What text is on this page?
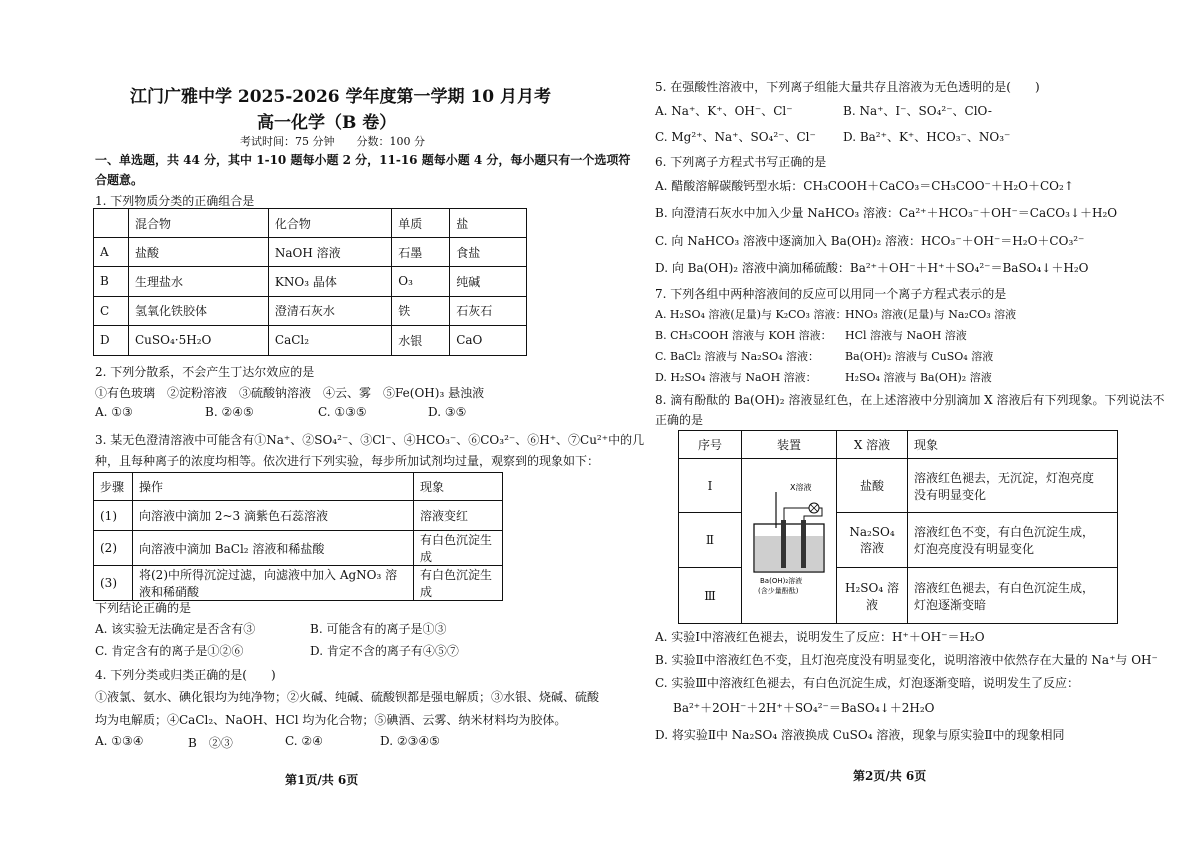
江门广雅中学 2025-2026 学年度第一学期 10 月月考
高一化学（B 卷）
考试时间：75 分钟　　分数：100 分
一、单选题，共 44 分，其中 1-10 题每小题 2 分，11-16 题每小题 4 分，每小题只有一个选项符
合题意。
1. 下列物质分类的正确组合是
	混合物	化合物	单质	盐
A	盐酸	NaOH 溶液	石墨	食盐
B	生理盐水	KNO₃ 晶体	O₃	纯碱
C	氢氧化铁胶体	澄清石灰水	铁	石灰石
D	CuSO₄·5H₂O	CaCl₂	水银	CaO
2. 下列分散系，不会产生丁达尔效应的是
①有色玻璃　②淀粉溶液　③硫酸钠溶液　④云、雾　⑤Fe(OH)₃ 悬浊液
A. ①③	B. ②④⑤	C. ①③⑤	D. ③⑤
3. 某无色澄清溶液中可能含有①Na⁺、②SO₄²⁻、③Cl⁻、④HCO₃⁻、⑥CO₃²⁻、⑥H⁺、⑦Cu²⁺中的几
种，且每种离子的浓度均相等。依次进行下列实验，每步所加试剂均过量，观察到的现象如下：
步骤	操作	现象
(1)	向溶液中滴加 2~3 滴紫色石蕊溶液	溶液变红
(2)	向溶液中滴加 BaCl₂ 溶液和稀盐酸	有白色沉淀生成
(3)	将(2)中所得沉淀过滤，向滤液中加入 AgNO₃ 溶液和稀硝酸	有白色沉淀生成
下列结论正确的是
A. 该实验无法确定是否含有③	B. 可能含有的离子是①③
C. 肯定含有的离子是①②⑥	D. 肯定不含的离子有④⑤⑦
4. 下列分类或归类正确的是(　　)
①液氯、氨水、碘化银均为纯净物；②火碱、纯碱、硫酸钡都是强电解质；③水银、烧碱、硫酸
均为电解质；④CaCl₂、NaOH、HCl 均为化合物；⑤碘酒、云雾、纳米材料均为胶体。
A. ①③④	B　②③	C. ②④	D. ②③④⑤
第1页/共 6页
5. 在强酸性溶液中，下列离子组能大量共存且溶液为无色透明的是(　　)
A. Na⁺、K⁺、OH⁻、Cl⁻	B. Na⁺、I⁻、SO₄²⁻、ClO-
C. Mg²⁺、Na⁺、SO₄²⁻、Cl⁻ D. Ba²⁺、K⁺、HCO₃⁻、NO₃⁻
6. 下列离子方程式书写正确的是
A. 醋酸溶解碳酸钙型水垢：CH₃COOH＋CaCO₃＝CH₃COO⁻＋H₂O＋CO₂↑
B. 向澄清石灰水中加入少量 NaHCO₃ 溶液：Ca²⁺＋HCO₃⁻＋OH⁻＝CaCO₃↓＋H₂O
C. 向 NaHCO₃ 溶液中逐滴加入 Ba(OH)₂ 溶液：HCO₃⁻＋OH⁻＝H₂O＋CO₃²⁻
D. 向 Ba(OH)₂ 溶液中滴加稀硫酸：Ba²⁺＋OH⁻＋H⁺＋SO₄²⁻＝BaSO₄↓＋H₂O
7. 下列各组中两种溶液间的反应可以用同一个离子方程式表示的是
A. H₂SO₄ 溶液(足量)与 K₂CO₃ 溶液：
HNO₃ 溶液(足量)与 Na₂CO₃ 溶液
B. CH₃COOH 溶液与 KOH 溶液： HCl 溶液与 NaOH 溶液
C. BaCl₂ 溶液与 Na₂SO₄ 溶液： Ba(OH)₂ 溶液与 CuSO₄ 溶液
D. H₂SO₄ 溶液与 NaOH 溶液：	H₂SO₄ 溶液与 Ba(OH)₂ 溶液
8. 滴有酚酞的 Ba(OH)₂ 溶液显红色，在上述溶液中分别滴加 X 溶液后有下列现象。下列说法不
正确的是
序号	装置	X 溶液	现象
Ⅰ		盐酸	溶液红色褪去，无沉淀，灯泡亮度
没有明显变化

Ⅱ		Na₂SO₄ 溶液	溶液红色不变，有白色沉淀生成，
灯泡亮度没有明显变化

Ⅲ		H₂SO₄ 溶液	溶液红色褪去，有白色沉淀生成，
灯泡逐渐变暗
X溶液
Ba(OH)₂溶液
(含少量酚酞)
A. 实验Ⅰ中溶液红色褪去，说明发生了反应：H⁺＋OH⁻＝H₂O
B. 实验Ⅱ中溶液红色不变，且灯泡亮度没有明显变化，说明溶液中依然存在大量的 Na⁺与 OH⁻
C. 实验Ⅲ中溶液红色褪去，有白色沉淀生成，灯泡逐渐变暗，说明发生了反应：
Ba²⁺＋2OH⁻＋2H⁺＋SO₄²⁻＝BaSO₄↓＋2H₂O
D. 将实验Ⅱ中 Na₂SO₄ 溶液换成 CuSO₄ 溶液，现象与原实验Ⅱ中的现象相同
第2页/共 6页
